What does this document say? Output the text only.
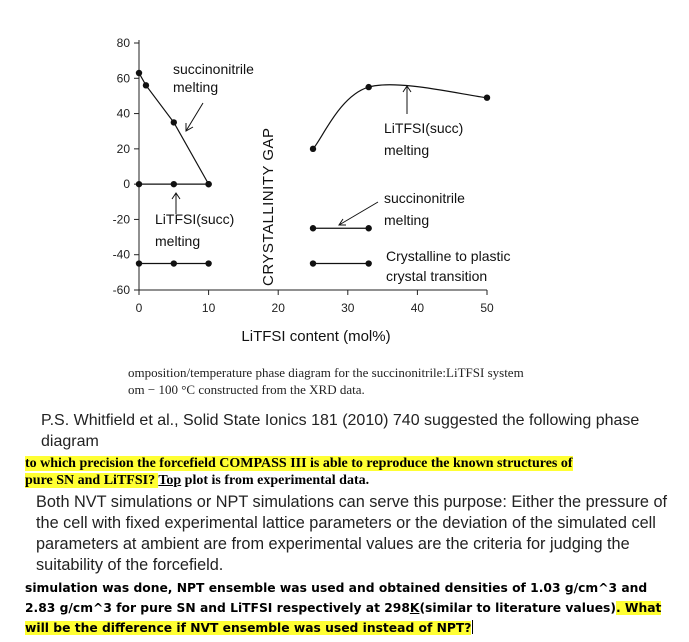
80
60
40
20
0
-20
-40
-60
0	10	20	30	40	50
succinonitrile
melting
LiTFSI(succ)
melting
LiTFSI(succ)
melting
succinonitrile
melting
Crystalline to plastic
crystal transition
CRYSTALLINITY GAP
LiTFSI content (mol%)
omposition/temperature phase diagram for the succinonitrile:LiTFSI system
om − 100 °C constructed from the XRD data.
P.S. Whitfield et al., Solid State Ionics 181 (2010) 740 suggested the following phase diagram
to which precision the forcefield COMPASS III is able to reproduce the known structures of
pure SN and LiTFSI? Top plot is from experimental data.
Both NVT simulations or NPT simulations can serve this purpose: Either the pressure of the cell with fixed experimental lattice parameters or the deviation of the simulated cell parameters at ambient are from experimental values are the criteria for judging the suitability of the forcefield.
simulation was done, NPT ensemble was used and obtained densities of 1.03 g/cm^3 and 2.83 g/cm^3 for pure SN and LiTFSI respectively at 298K(similar to literature values). What will be the difference if NVT ensemble was used instead of NPT?
